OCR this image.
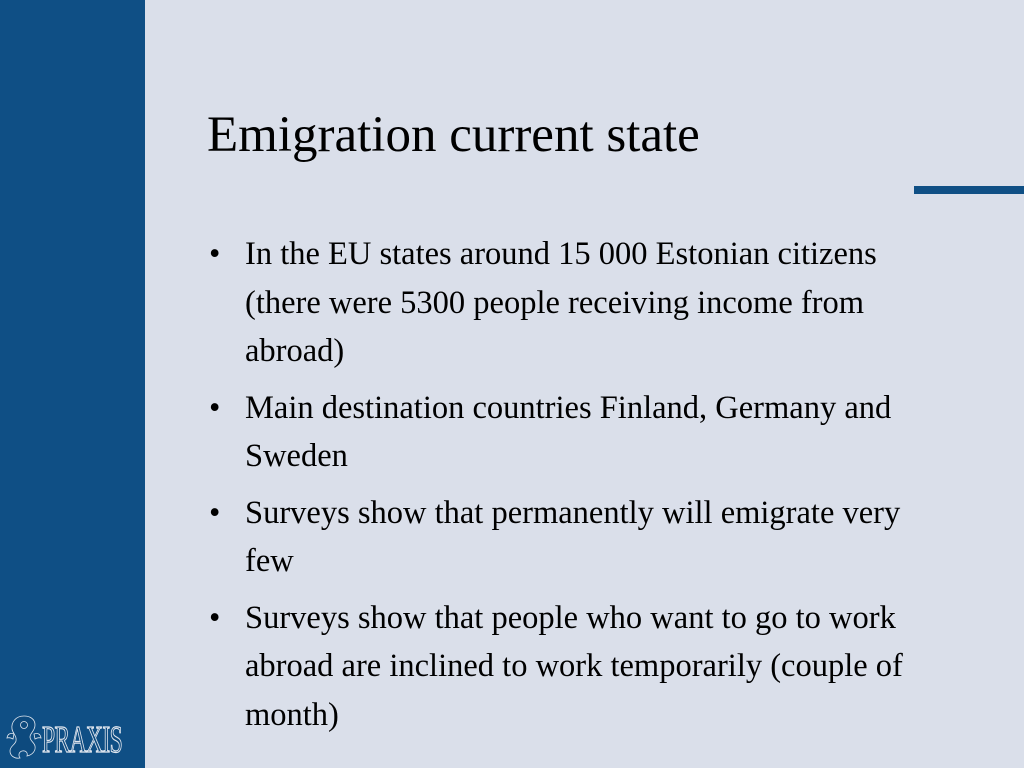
PRAXIS
Emigration current state
• In the EU states around 15 000 Estonian citizens (there were 5300 people receiving income from abroad)
• Main destination countries Finland, Germany and Sweden
• Surveys show that permanently will emigrate very few
• Surveys show that people who want to go to work abroad are inclined to work temporarily (couple of month)
